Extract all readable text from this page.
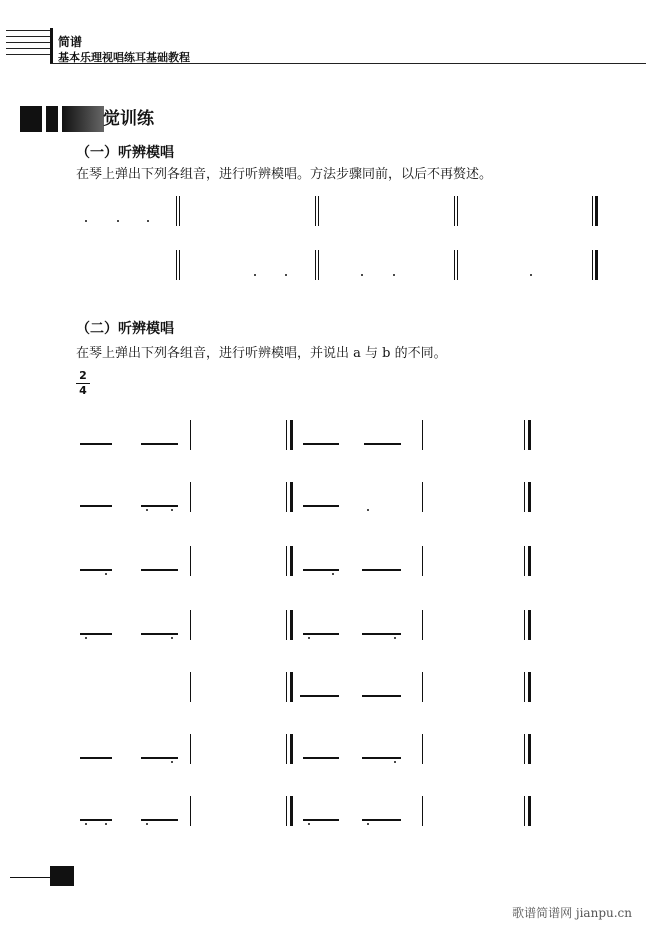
简谱
基本乐理视唱练耳基础教程
觉训练
（一）听辨模唱
在琴上弹出下列各组音，进行听辨模唱。方法步骤同前，以后不再赘述。
（二）听辨模唱
在琴上弹出下列各组音，进行听辨模唱，并说出 a 与 b 的不同。
2
4
歌谱简谱网 jianpu.cn
